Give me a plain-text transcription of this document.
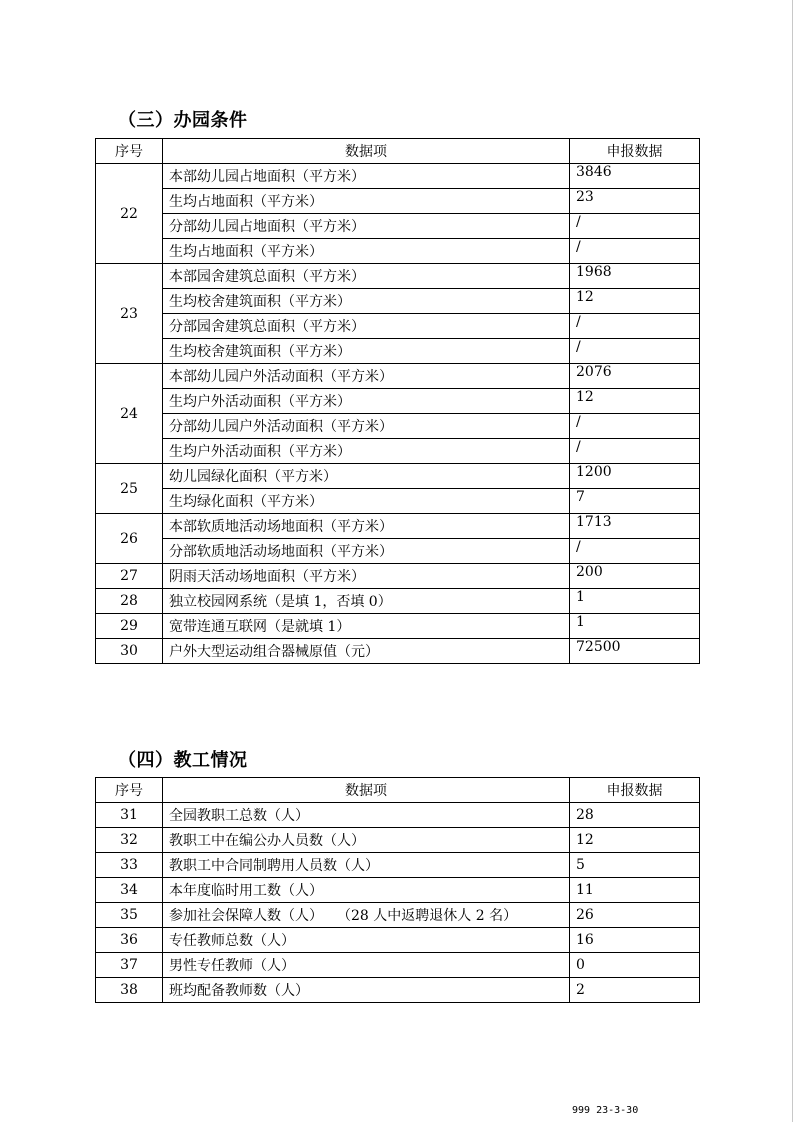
（三）办园条件
序号	数据项	申报数据
22	本部幼儿园占地面积（平方米）	3846
	生均占地面积（平方米）	23
	分部幼儿园占地面积（平方米）	/
	生均占地面积（平方米）	/
23	本部园舍建筑总面积（平方米）	1968
	生均校舍建筑面积（平方米）	12
	分部园舍建筑总面积（平方米）	/
	生均校舍建筑面积（平方米）	/
24	本部幼儿园户外活动面积（平方米）	2076
	生均户外活动面积（平方米）	12
	分部幼儿园户外活动面积（平方米）	/
	生均户外活动面积（平方米）	/
25	幼儿园绿化面积（平方米）	1200
	生均绿化面积（平方米）	7
26	本部软质地活动场地面积（平方米）	1713
	分部软质地活动场地面积（平方米）	/
27	阴雨天活动场地面积（平方米）	200
28	独立校园网系统（是填 1，否填 0）	1
29	宽带连通互联网（是就填 1）	1
30	户外大型运动组合器械原值（元）	72500
（四）教工情况
序号	数据项	申报数据
31	全园教职工总数（人）	28
32	教职工中在编公办人员数（人）	12
33	教职工中合同制聘用人员数（人）	5
34	本年度临时用工数（人）	11
35	参加社会保障人数（人）　　（28 人中返聘退休人 2 名）	26
36	专任教师总数（人）	16
37	男性专任教师（人）	0
38	班均配备教师数（人）	2
999 23-3-30
